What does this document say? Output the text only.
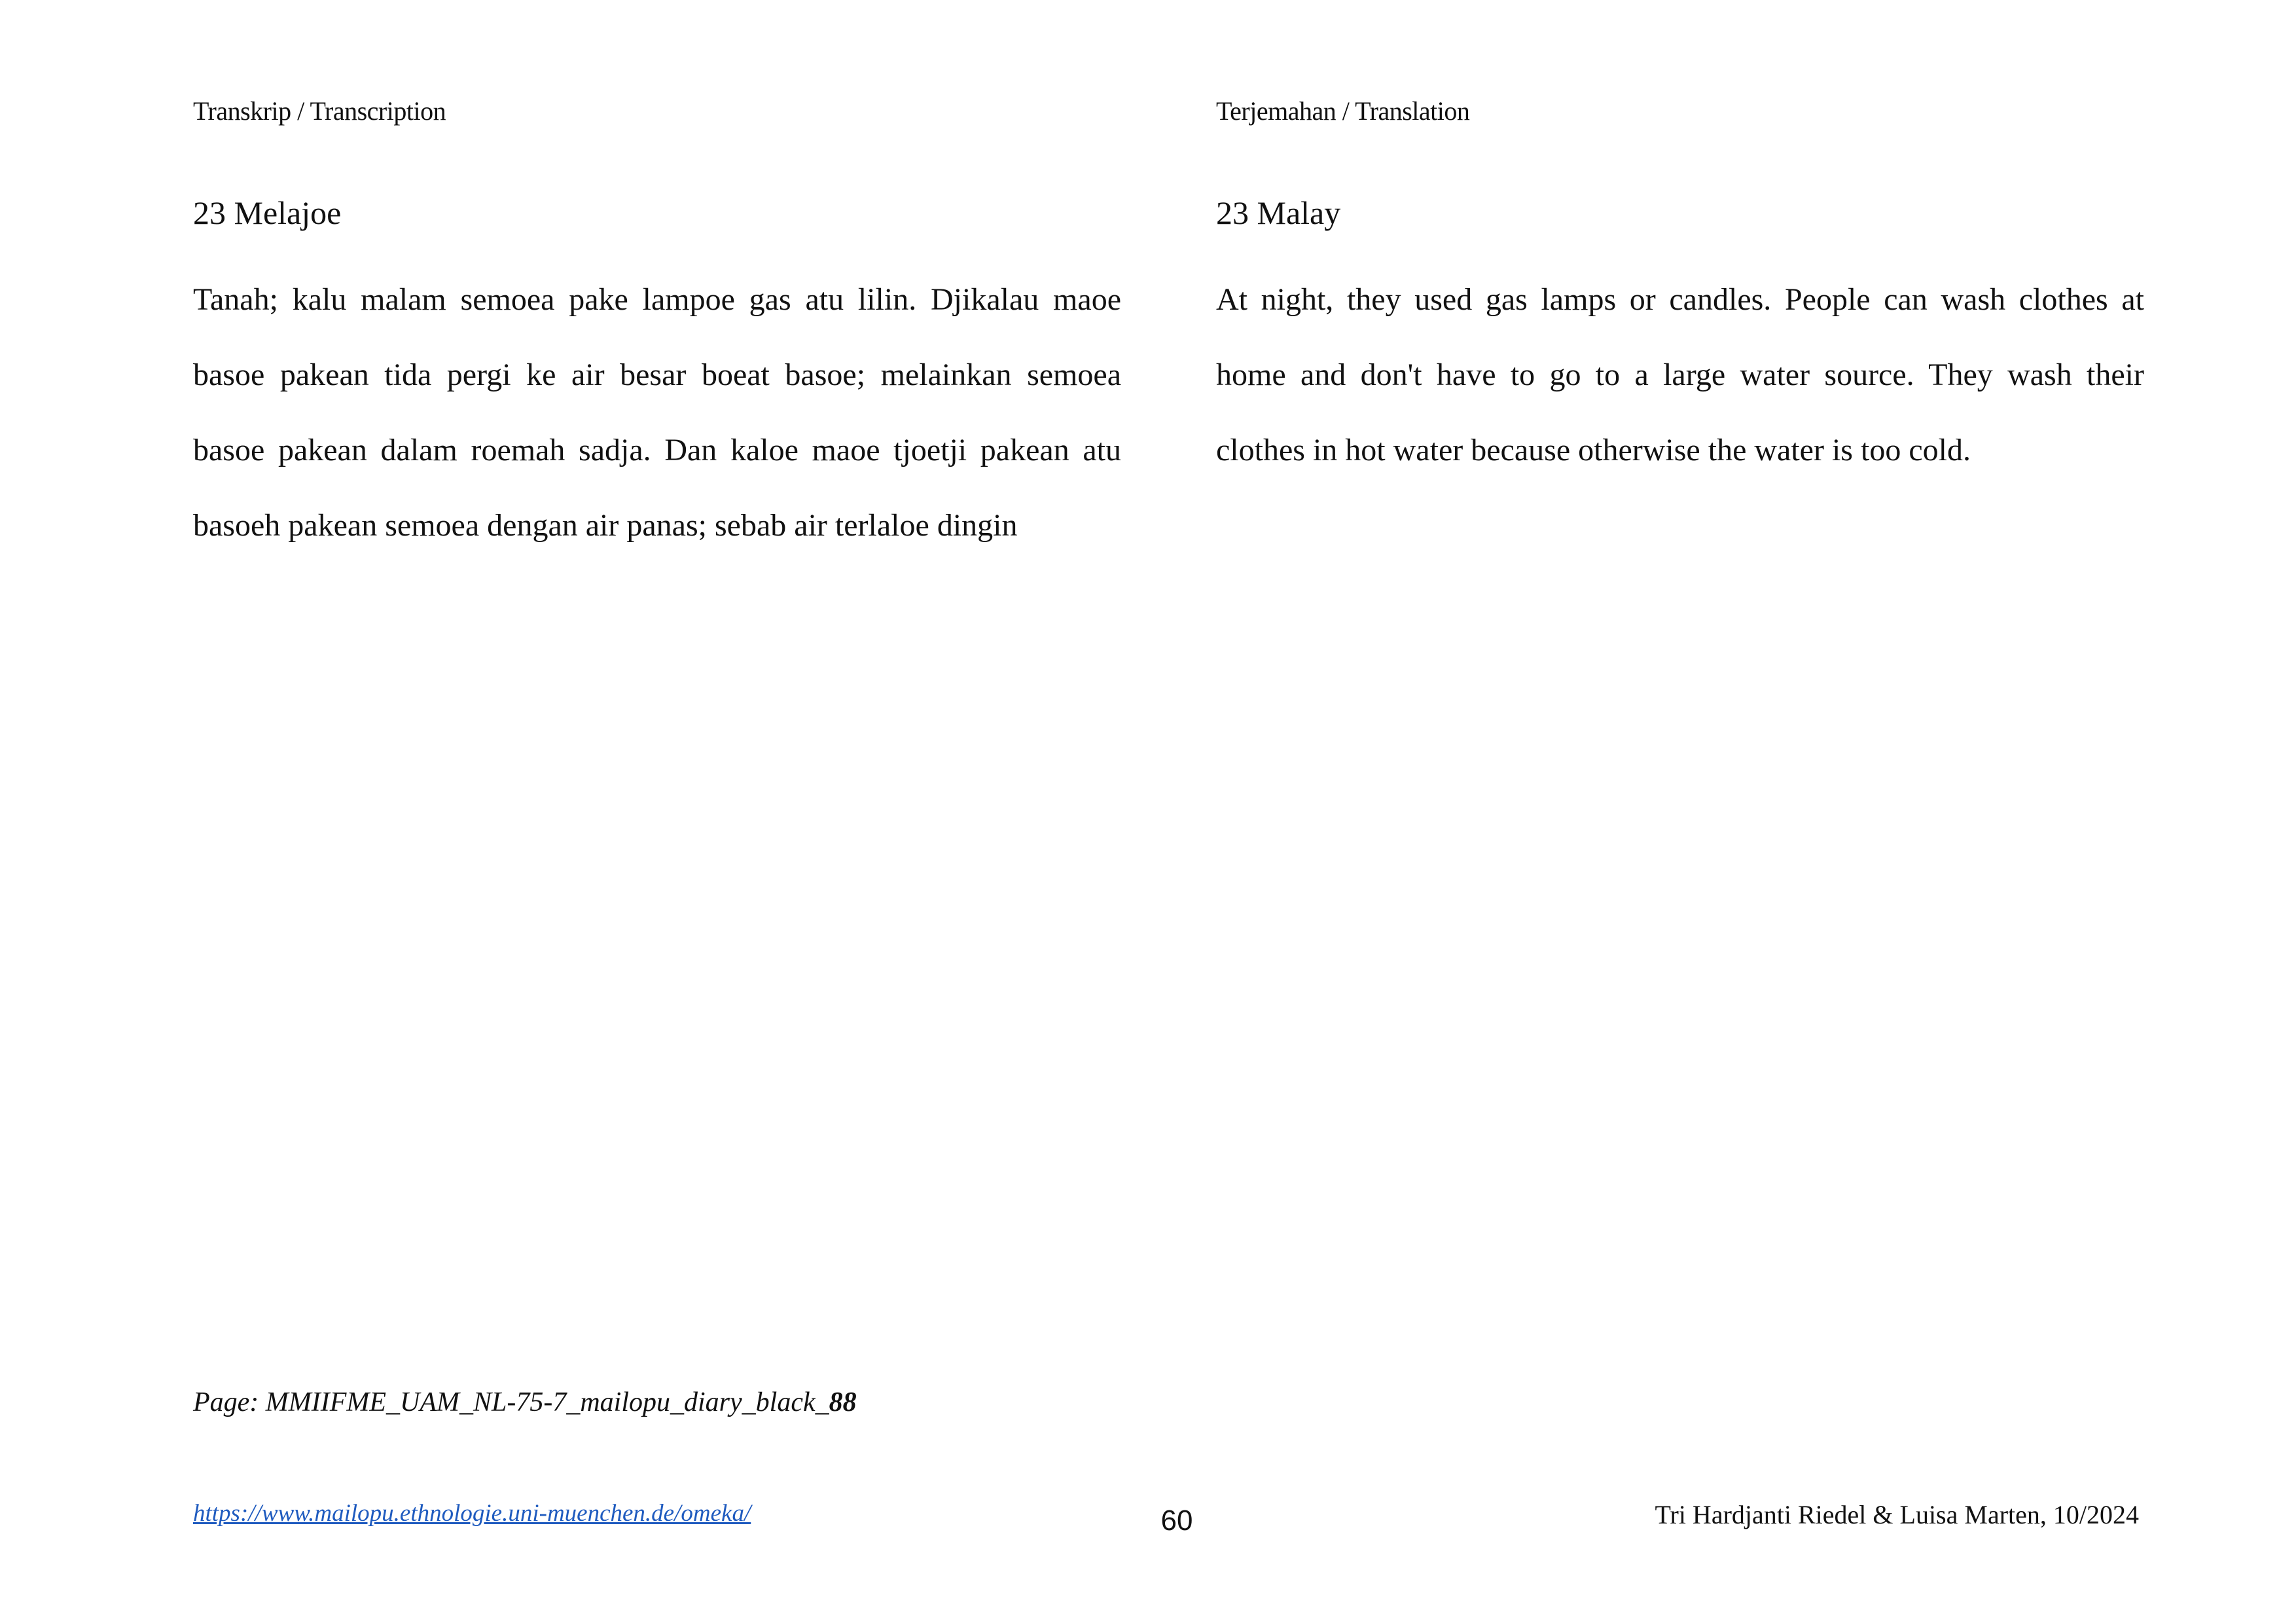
Transkrip / Transcription	Terjemahan / Translation
23 Melajoe	23 Malay
Tanah; kalu malam semoea pake lampoe gas atu lilin. Djikalau maoe
basoe pakean tida pergi ke air besar boeat basoe; melainkan semoea
basoe pakean dalam roemah sadja. Dan kaloe maoe tjoetji pakean atu
basoeh pakean semoea dengan air panas; sebab air terlaloe dingin
At night, they used gas lamps or candles. People can wash clothes at
home and don't have to go to a large water source. They wash their
clothes in hot water because otherwise the water is too cold.
Page: MMIIFME_UAM_NL-75-7_mailopu_diary_black_88
https://www.mailopu.ethnologie.uni-muenchen.de/omeka/	60	Tri Hardjanti Riedel & Luisa Marten, 10/2024
